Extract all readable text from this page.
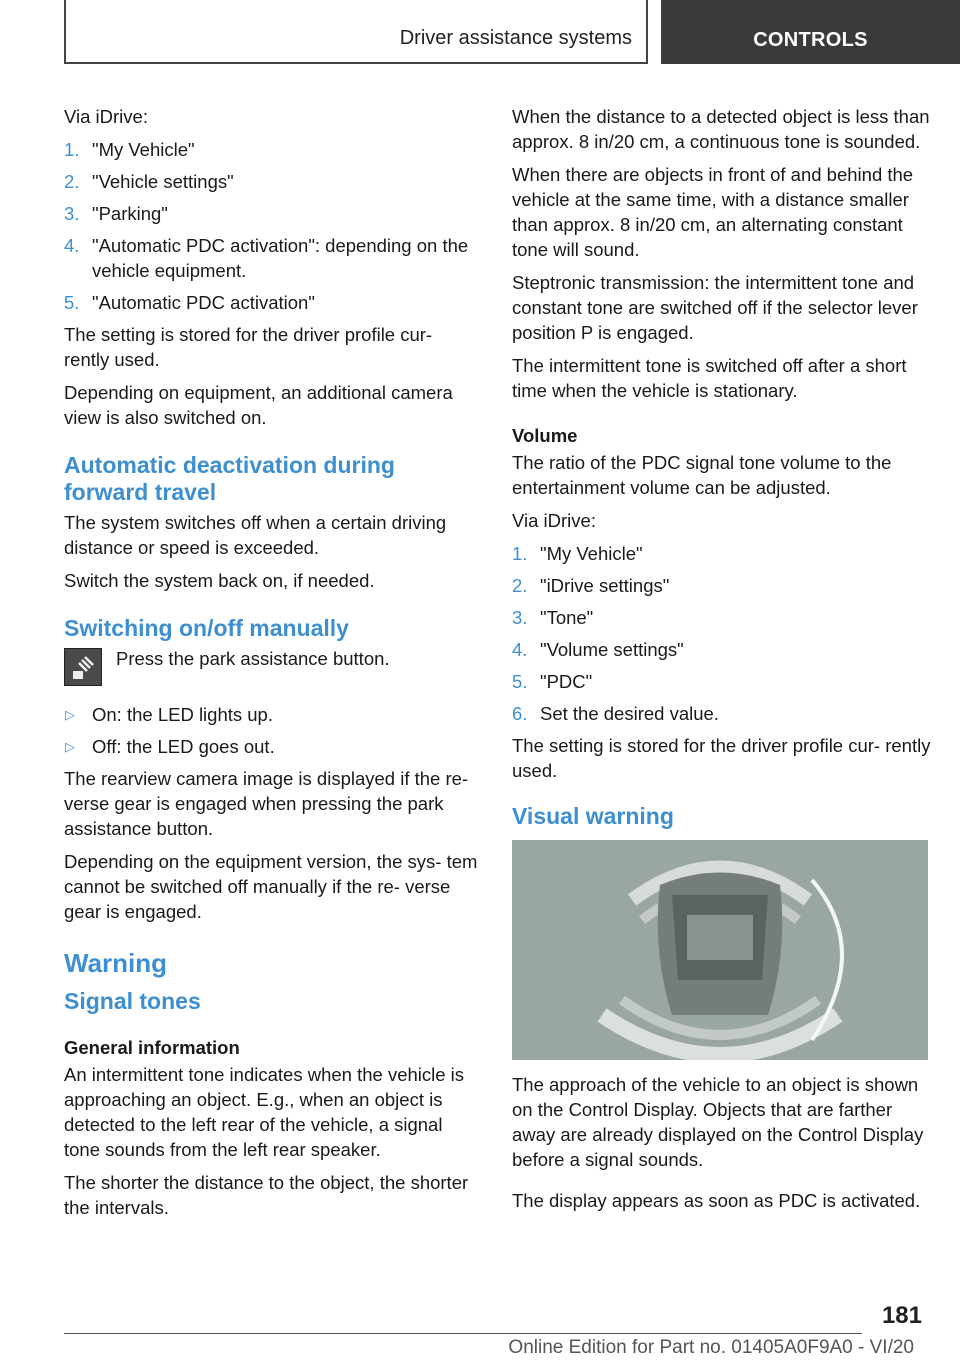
Driver assistance systems	CONTROLS

Via iDrive:

1. "My Vehicle"
2. "Vehicle settings"
3. "Parking"
4. "Automatic PDC activation": depending on the vehicle equipment.
5. "Automatic PDC activation"

The setting is stored for the driver profile cur‐ rently used.

Depending on equipment, an additional camera view is also switched on.

Automatic deactivation during forward travel

The system switches off when a certain driving distance or speed is exceeded.

Switch the system back on, if needed.

Switching on/off manually

Press the park assistance button.

▷ On: the LED lights up.
▷ Off: the LED goes out.

The rearview camera image is displayed if the re‐ verse gear is engaged when pressing the park assistance button.

Depending on the equipment version, the sys‐ tem cannot be switched off manually if the re‐ verse gear is engaged.

Warning
Signal tones
General information

An intermittent tone indicates when the vehicle is approaching an object. E.g., when an object is detected to the left rear of the vehicle, a signal tone sounds from the left rear speaker.

The shorter the distance to the object, the shorter the intervals.

When the distance to a detected object is less than approx. 8 in/20 cm, a continuous tone is sounded.

When there are objects in front of and behind the vehicle at the same time, with a distance smaller than approx. 8 in/20 cm, an alternating constant tone will sound.

Steptronic transmission: the intermittent tone and constant tone are switched off if the selector lever position P is engaged.

The intermittent tone is switched off after a short time when the vehicle is stationary.

Volume

The ratio of the PDC signal tone volume to the entertainment volume can be adjusted.

Via iDrive:

1. "My Vehicle"
2. "iDrive settings"
3. "Tone"
4. "Volume settings"
5. "PDC"
6. Set the desired value.

The setting is stored for the driver profile cur‐ rently used.

Visual warning

The approach of the vehicle to an object is shown on the Control Display. Objects that are farther away are already displayed on the Control Display before a signal sounds.

The display appears as soon as PDC is activated.

181
Online Edition for Part no. 01405A0F9A0 - VI/20
